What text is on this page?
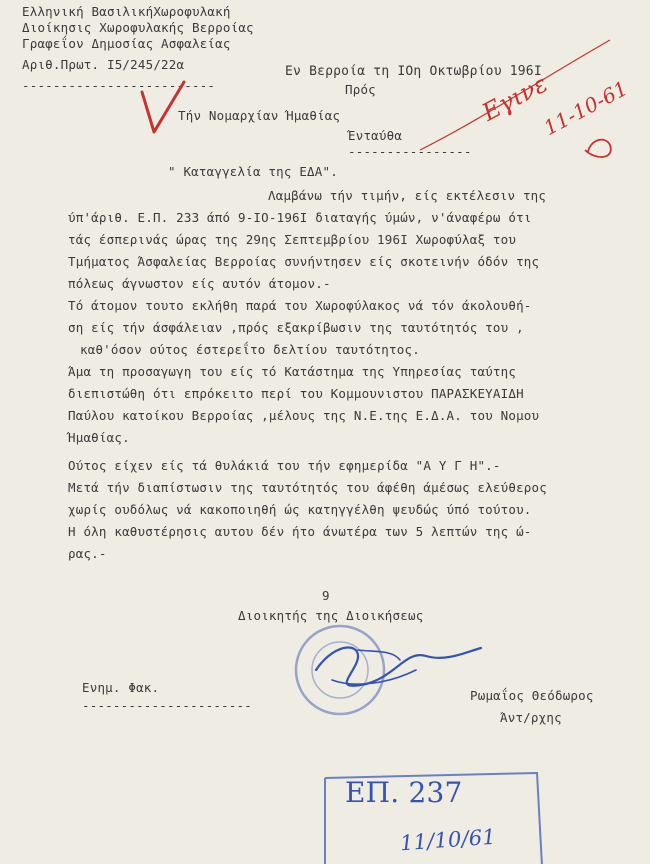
Ελληνική ΒασιλικήΧωροφυλακή
Διοίκησις Χωροφυλακής Βερροίας
Γραφεΐον Δημοσίας Ασφαλείας
Αριθ.Πρωτ. Ι5/245/22α
-------------------------
Εν Βερροία τη ΙΟη Οκτωβρίου 196Ι
Πρός
Τήν Νομαρχίαν Ήμαθίας
Ένταύθα
----------------
" Καταγγελία της ΕΔΑ".
Λαμβάνω τήν τιμήν, είς εκτέλεσιν της
ύπ'άριθ. Ε.Π. 233 άπό 9-ΙΟ-196Ι διαταγής ύμών, ν'άναφέρω ότι
τάς έσπερινάς ώρας της 29ης Σεπτεμβρίου 196Ι Χωροφύλαξ του
Τμήματος Άσφαλείας Βερροίας συνήντησεν είς σκοτεινήν όδόν της
πόλεως άγνωστον είς αυτόν άτομον.-
Τό άτομον τουτο εκλήθη παρά του Χωροφύλακος νά τόν άκολουθή-
ση είς τήν άσφάλειαν ,πρός εξακρίβωσιν της ταυτότητός του ,
καθ'όσον ούτος έστερεΐτο δελτίου ταυτότητος.
Άμα τη προσαγωγη του είς τό Κατάστημα της Υπηρεσίας ταύτης
διεπιστώθη ότι επρόκειτο περί του Κομμουνιστου ΠΑΡΑΣΚΕΥΑΙΔΗ
Παύλου κατοίκου Βερροίας ,μέλους της Ν.Ε.της Ε.Δ.Α. του Νομου
Ήμαθίας.
Ούτος είχεν είς τά θυλάκιά του τήν εφημερίδα "Α Υ Γ Η".-
Μετά τήν διαπίστωσιν της ταυτότητός του άφέθη άμέσως ελεύθερος
χωρίς ουδόλως νά κακοποιηθή ώς κατηγγέλθη ψευδώς ύπό τούτου.
Η όλη καθυστέρησις αυτου δέν ήτο άνωτέρα των 5 λεπτών της ώ-
ρας.-
9
Διοικητής της Διοικήσεως
Ρωμαΐος Θεόδωρος
Άντ/ρχης
Ενημ. Φακ.
----------------------
Εγινε
11-10-61
ΕΠ. 237
11/10/61
